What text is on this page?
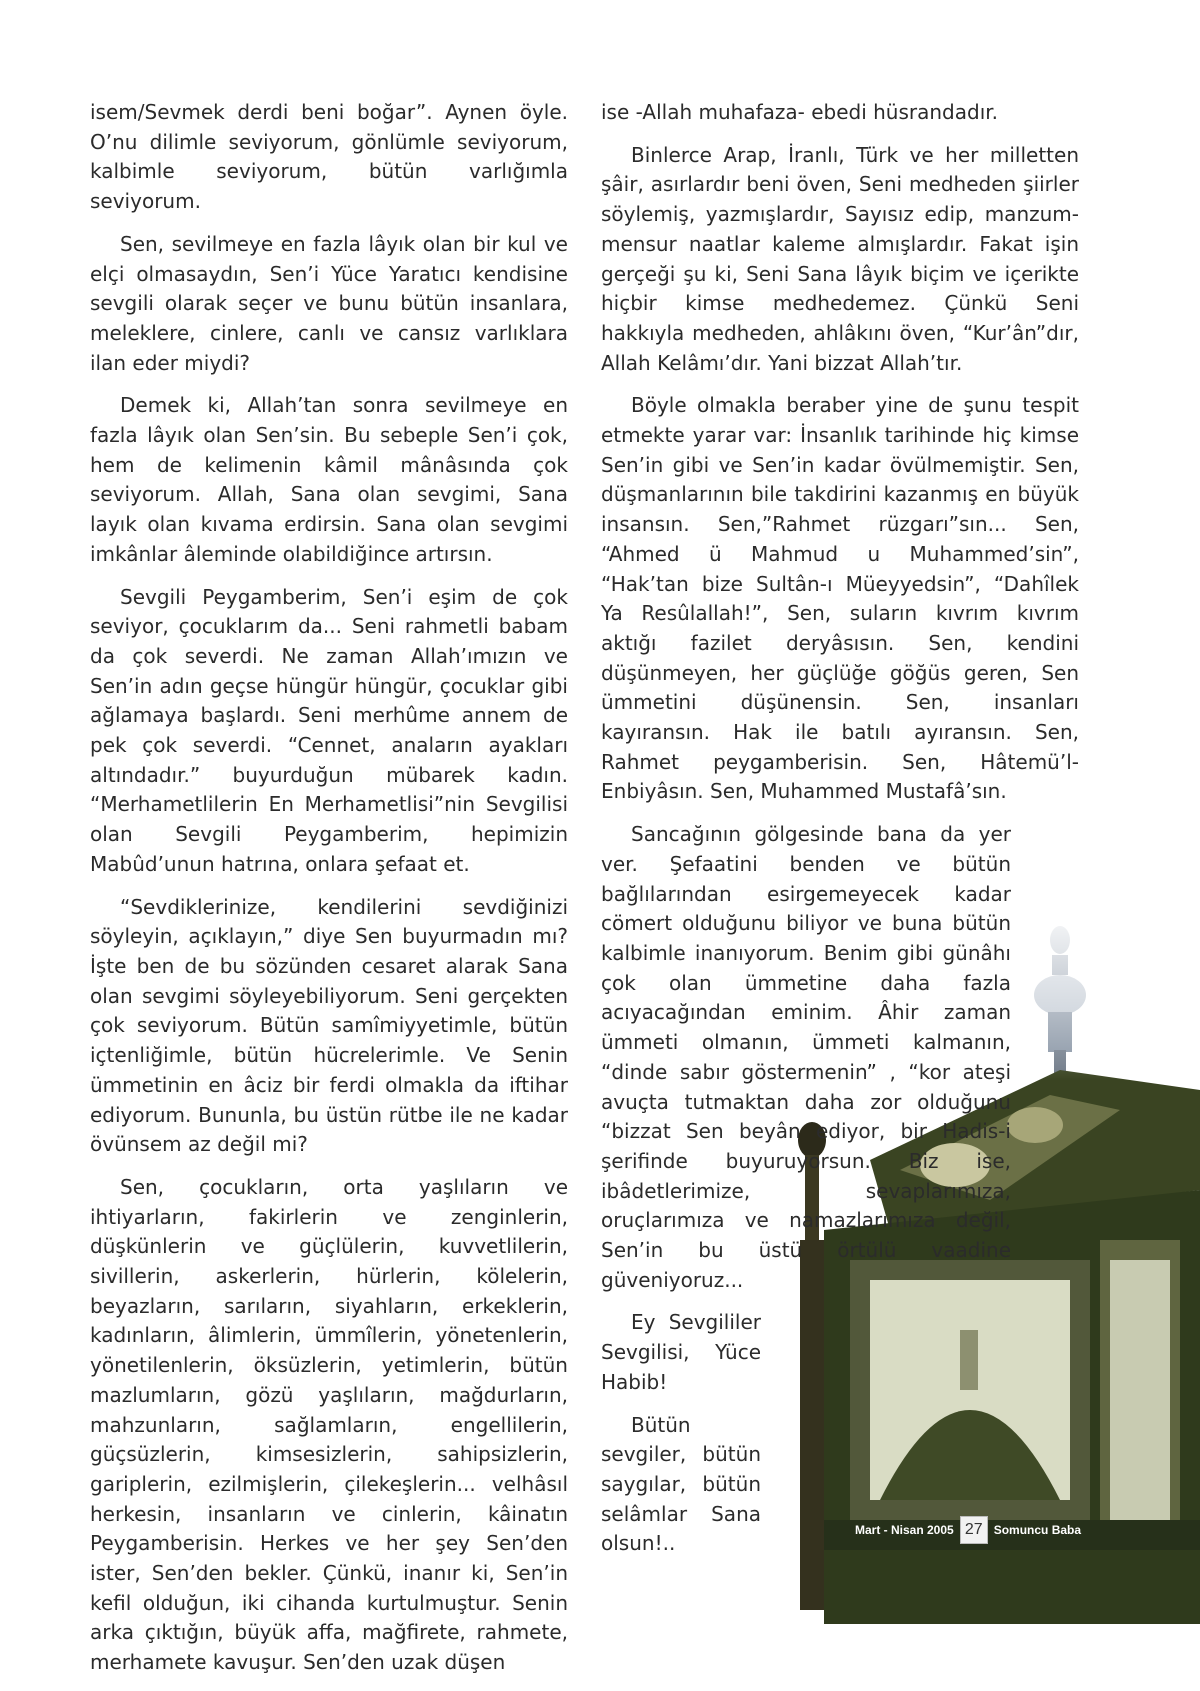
isem/Sevmek derdi beni boğar”. Aynen öyle. O’nu dilimle seviyorum, gönlümle seviyorum, kalbimle seviyorum, bütün varlığımla seviyorum.

Sen, sevilmeye en fazla lâyık olan bir kul ve elçi olmasaydın, Sen’i Yüce Yaratıcı kendisine sevgili olarak seçer ve bunu bütün insanlara, meleklere, cinlere, canlı ve cansız varlıklara ilan eder miydi?

Demek ki, Allah’tan sonra sevilmeye en fazla lâyık olan Sen’sin. Bu sebeple Sen’i çok, hem de kelimenin kâmil mânâsında çok seviyorum. Allah, Sana olan sevgimi, Sana layık olan kıvama erdirsin. Sana olan sevgimi imkânlar âleminde olabildiğince artırsın.

Sevgili Peygamberim, Sen’i eşim de çok seviyor, çocuklarım da... Seni rahmetli babam da çok severdi. Ne zaman Allah’ımızın ve Sen’in adın geçse hüngür hüngür, çocuklar gibi ağlamaya başlardı. Seni merhûme annem de pek çok severdi. “Cennet, anaların ayakları altındadır.” buyurduğun mübarek kadın. “Merhametlilerin En Merhametlisi”nin Sevgilisi olan Sevgili Peygamberim, hepimizin Mabûd’unun hatrına, onlara şefaat et.

“Sevdiklerinize, kendilerini sevdiğinizi söyleyin, açıklayın,” diye Sen buyurmadın mı? İşte ben de bu sözünden cesaret alarak Sana olan sevgimi söyleyebiliyorum. Seni gerçekten çok seviyorum. Bütün samîmiyyetimle, bütün içtenliğimle, bütün hücrelerimle. Ve Senin ümmetinin en âciz bir ferdi olmakla da iftihar ediyorum. Bununla, bu üstün rütbe ile ne kadar övünsem az değil mi?

Sen, çocukların, orta yaşlıların ve ihtiyarların, fakirlerin ve zenginlerin, düşkünlerin ve güçlülerin, kuvvetlilerin, sivillerin, askerlerin, hürlerin, kölelerin, beyazların, sarıların, siyahların, erkeklerin, kadınların, âlimlerin, ümmîlerin, yönetenlerin, yönetilenlerin, öksüzlerin, yetimlerin, bütün mazlumların, gözü yaşlıların, mağdurların, mahzunların, sağlamların, engellilerin, güçsüzlerin, kimsesizlerin, sahipsizlerin, gariplerin, ezilmişlerin, çilekeşlerin... velhâsıl herkesin, insanların ve cinlerin, kâinatın Peygamberisin. Herkes ve her şey Sen’den ister, Sen’den bekler. Çünkü, inanır ki, Sen’in kefil olduğun, iki cihanda kurtulmuştur. Senin arka çıktığın, büyük affa, mağfirete, rahmete, merhamete kavuşur. Sen’den uzak düşen

ise -Allah muhafaza- ebedi hüsrandadır.

Binlerce Arap, İranlı, Türk ve her milletten şâir, asırlardır beni öven, Seni medheden şiirler söylemiş, yazmışlardır, Sayısız edip, manzum-mensur naatlar kaleme almışlardır. Fakat işin gerçeği şu ki, Seni Sana lâyık biçim ve içerikte hiçbir kimse medhedemez. Çünkü Seni hakkıyla medheden, ahlâkını öven, “Kur’ân”dır, Allah Kelâmı’dır. Yani bizzat Allah’tır.

Böyle olmakla beraber yine de şunu tespit etmekte yarar var: İnsanlık tarihinde hiç kimse Sen’in gibi ve Sen’in kadar övülmemiştir. Sen, düşmanlarının bile takdirini kazanmış en büyük insansın. Sen,”Rahmet rüzgarı”sın... Sen, “Ahmed ü Mahmud u Muhammed’sin”, “Hak’tan bize Sultân-ı Müeyyedsin”, “Dahîlek Ya Resûlallah!”, Sen, suların kıvrım kıvrım aktığı fazilet deryâsısın. Sen, kendini düşünmeyen, her güçlüğe göğüs geren, Sen ümmetini düşünensin. Sen, insanları kayıransın. Hak ile batılı ayıransın. Sen, Rahmet peygamberisin. Sen, Hâtemü’l-Enbiyâsın. Sen, Muhammed Mustafâ’sın.

Sancağının gölgesinde bana da yer ver. Şefaatini benden ve bütün bağlılarından esirgemeyecek kadar cömert olduğunu biliyor ve buna bütün kalbimle inanıyorum. Benim gibi günâhı çok olan ümmetine daha fazla acıyacağından eminim. Âhir zaman ümmeti olmanın, ümmeti kalmanın, “dinde sabır göstermenin” , “kor ateşi avuçta tutmaktan daha zor olduğunu “bizzat Sen beyân ediyor, bir Hadis-i şerifinde buyuruyorsun. Biz ise, ibâdetlerimize, sevaplarımıza, oruçlarımıza ve namazlarımıza değil, Sen’in bu üstü örtülü vaadine güveniyoruz...

Ey Sevgililer Sevgilisi, Yüce Habib!

Bütün sevgiler, bütün saygılar, bütün selâmlar Sana olsun!..

Mart - Nisan 2005 27 Somuncu Baba
